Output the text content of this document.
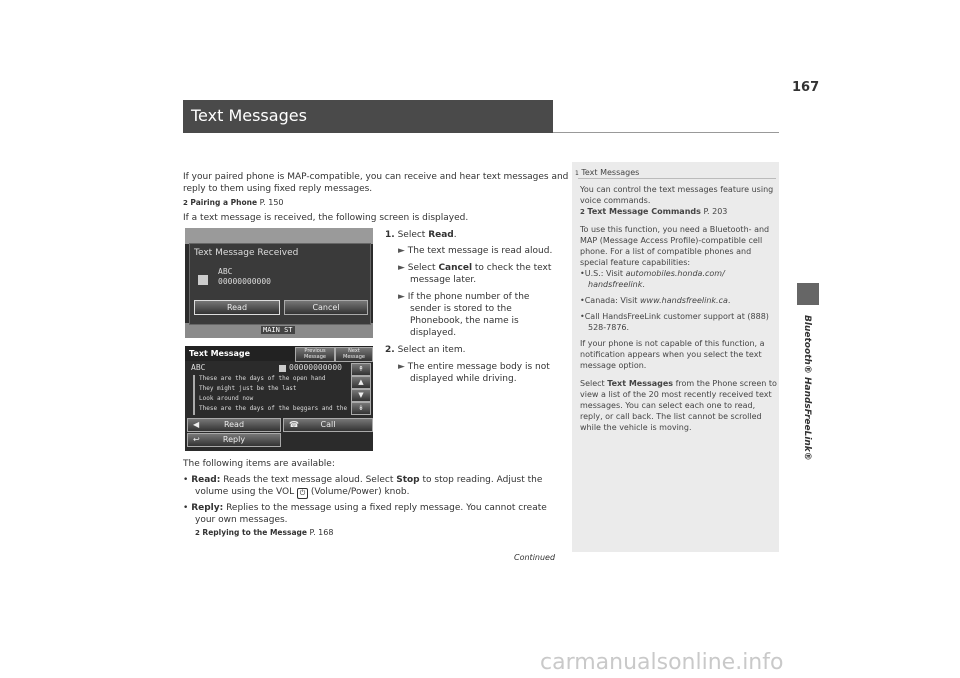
Text Messages
167
Bluetooth® HandsFreeLink®
If your paired phone is MAP-compatible, you can receive and hear text messages and
reply to them using fixed reply messages.
2 Pairing a Phone P. 150
If a text message is received, the following screen is displayed.
Text Message Received
ABC
00000000000
Read	Cancel
MAIN ST
1. Select Read.
► The text message is read aloud.
► Select Cancel to check the text
message later.
► If the phone number of the
sender is stored to the
Phonebook, the name is
displayed.
2. Select an item.
► The entire message body is not
displayed while driving.
Text Message	Previous
Message
Next
Message
ABC	00000000000
These are the days of the open hand
They might just be the last
Look around now
These are the days of the beggars and the
↟
▲
▼
↡
◀	Read	☎	Call
↩	Reply
The following items are available:
• Read: Reads the text message aloud. Select Stop to stop reading. Adjust the
volume using the VOL ⏻ (Volume/Power) knob.
• Reply: Replies to the message using a fixed reply message. You cannot create
your own messages.
2 Replying to the Message P. 168
Continued
1 Text Messages
You can control the text messages feature using
voice commands.
2 Text Message Commands P. 203
To use this function, you need a Bluetooth- and
MAP (Message Access Profile)-compatible cell
phone. For a list of compatible phones and
special feature capabilities:
•U.S.: Visit automobiles.honda.com/
handsfreelink.
•Canada: Visit www.handsfreelink.ca.
•Call HandsFreeLink customer support at (888)
528-7876.
If your phone is not capable of this function, a
notification appears when you select the text
message option.
Select Text Messages from the Phone screen to
view a list of the 20 most recently received text
messages. You can select each one to read,
reply, or call back. The list cannot be scrolled
while the vehicle is moving.
carmanualsonline.info
